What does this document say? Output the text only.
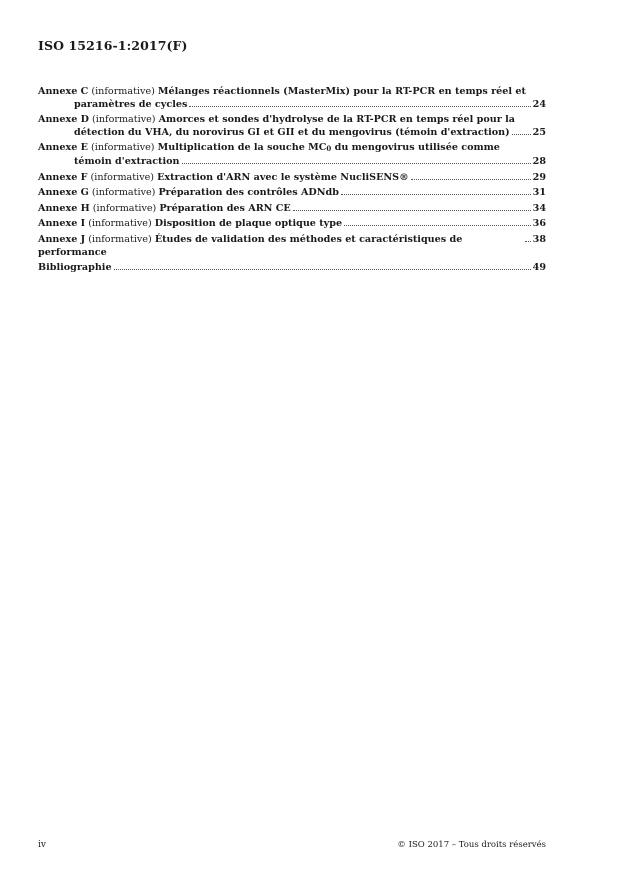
ISO 15216-1:2017(F)
Annexe C (informative) Mélanges réactionnels (MasterMix) pour la RT-PCR en temps réel et
paramètres de cycles	24
Annexe D (informative) Amorces et sondes d'hydrolyse de la RT-PCR en temps réel pour la
détection du VHA, du norovirus GI et GII et du mengovirus (témoin d'extraction) 25
Annexe E (informative) Multiplication de la souche MC0 du mengovirus utilisée comme
témoin d'extraction	28
Annexe F (informative) Extraction d'ARN avec le système NucliSENS®	29
Annexe G (informative) Préparation des contrôles ADNdb	31
Annexe H (informative) Préparation des ARN CE	34
Annexe I (informative) Disposition de plaque optique type	36
Annexe J (informative) Études de validation des méthodes et caractéristiques de performance
38
Bibliographie	49
iv	© ISO 2017 – Tous droits réservés
